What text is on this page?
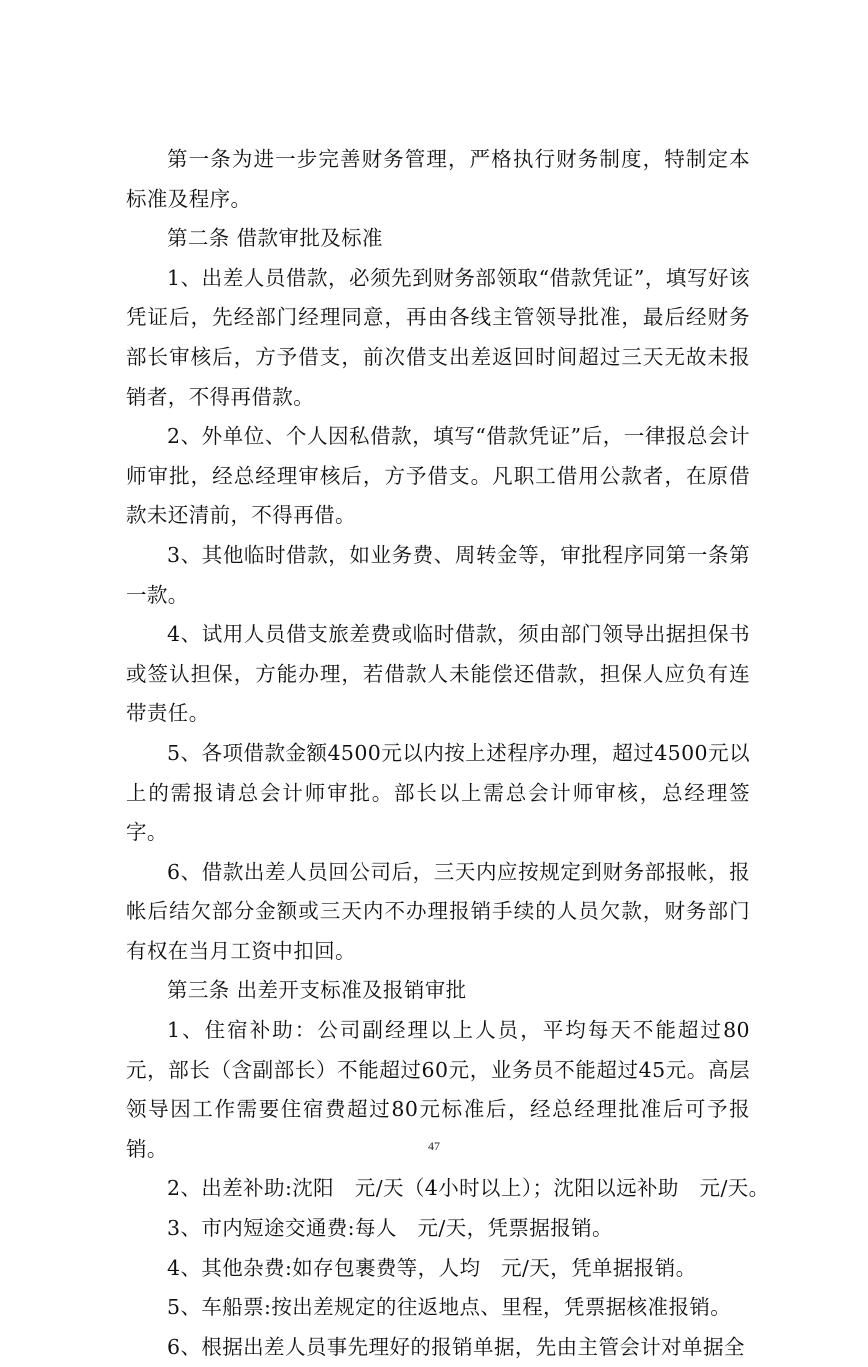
第一条为进一步完善财务管理，严格执行财务制度，特制定本标准及程序。

第二条 借款审批及标准

1、出差人员借款，必须先到财务部领取“借款凭证”，填写好该凭证后，先经部门经理同意，再由各线主管领导批准，最后经财务部长审核后，方予借支，前次借支出差返回时间超过三天无故未报销者，不得再借款。

2、外单位、个人因私借款，填写“借款凭证”后，一律报总会计师审批，经总经理审核后，方予借支。凡职工借用公款者，在原借款未还清前，不得再借。

3、其他临时借款，如业务费、周转金等，审批程序同第一条第一款。

4、试用人员借支旅差费或临时借款，须由部门领导出据担保书或签认担保，方能办理，若借款人未能偿还借款，担保人应负有连带责任。

5、各项借款金额4500元以内按上述程序办理，超过4500元以上的需报请总会计师审批。部长以上需总会计师审核，总经理签字。

6、借款出差人员回公司后，三天内应按规定到财务部报帐，报帐后结欠部分金额或三天内不办理报销手续的人员欠款，财务部门有权在当月工资中扣回。

第三条 出差开支标准及报销审批

1、住宿补助：公司副经理以上人员，平均每天不能超过80元，部长（含副部长）不能超过60元，业务员不能超过45元。高层领导因工作需要住宿费超过80元标准后，经总经理批准后可予报销。

2、出差补助:沈阳   元/天（4小时以上）；沈阳以远补助   元/天。

3、市内短途交通费:每人   元/天，凭票据报销。

4、其他杂费:如存包裹费等，人均   元/天，凭单据报销。

5、车船票:按出差规定的往返地点、里程，凭票据核准报销。

6、根据出差人员事先理好的报销单据，先由主管会计对单据全

47
